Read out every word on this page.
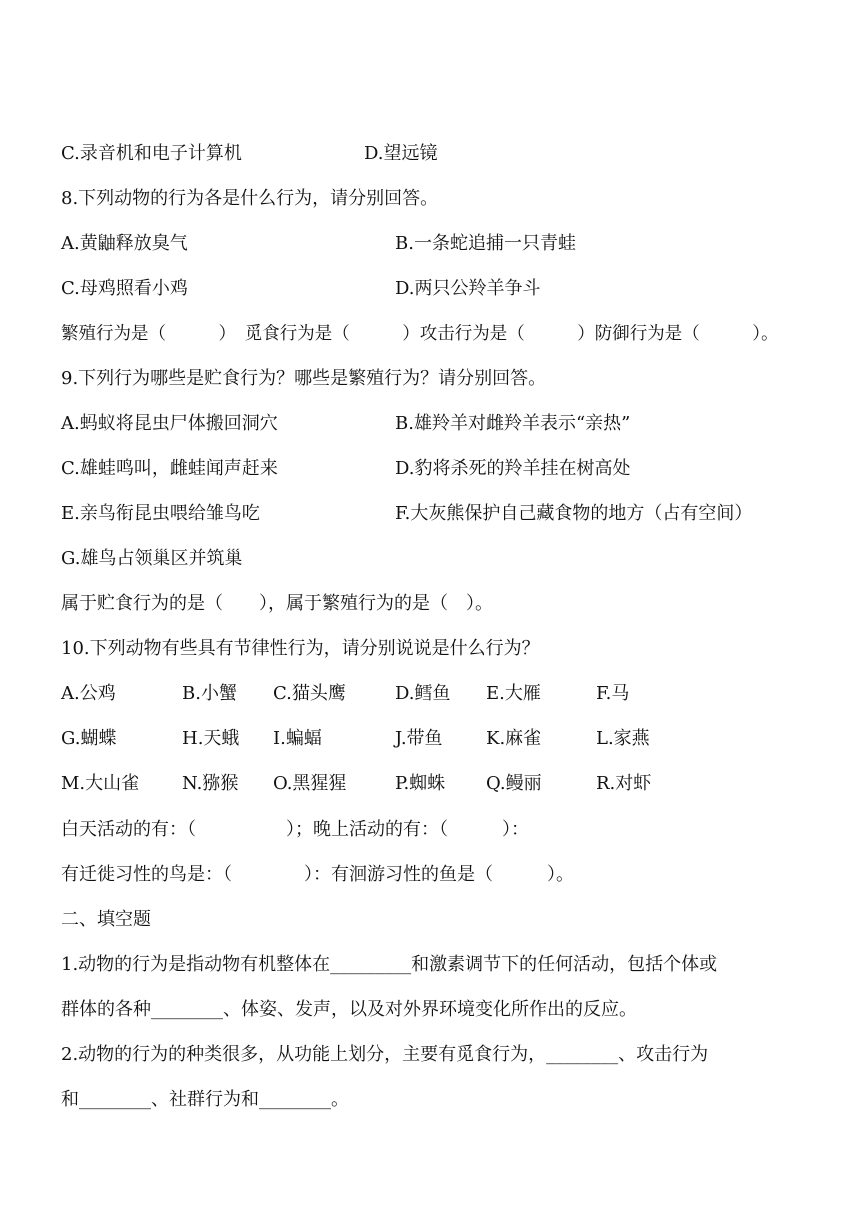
C.录音机和电子计算机	D.望远镜
8.下列动物的行为各是什么行为，请分别回答。
A.黄鼬释放臭气	B.一条蛇追捕一只青蛙
C.母鸡照看小鸡	D.两只公羚羊争斗
繁殖行为是（　　　）　觅食行为是（　　　）攻击行为是（　　　）防御行为是（　　　）。
9.下列行为哪些是贮食行为？哪些是繁殖行为？请分别回答。
A.蚂蚁将昆虫尸体搬回洞穴	B.雄羚羊对雌羚羊表示“亲热”
C.雄蛙鸣叫，雌蛙闻声赶来	D.豹将杀死的羚羊挂在树高处
E.亲鸟衔昆虫喂给雏鸟吃	F.大灰熊保护自己藏食物的地方（占有空间）
G.雄鸟占领巢区并筑巢
属于贮食行为的是（　　），属于繁殖行为的是（　）。
10.下列动物有些具有节律性行为，请分别说说是什么行为？
A.公鸡	B.小蟹 C.猫头鹰	D.鳕鱼 E.大雁	F.马
G.蝴蝶	H.天蛾 I.蝙蝠	J.带鱼 K.麻雀	L.家燕
M.大山雀 N.猕猴 O.黑猩猩	P.蜘蛛 Q.鳗丽	R.对虾
白天活动的有：（　　　　　）；晚上活动的有：（　　　）：
有迁徙习性的鸟是：（　　　　）：有洄游习性的鱼是（　　　）。
二、填空题
1.动物的行为是指动物有机整体在_________和激素调节下的任何活动，包括个体或
群体的各种________、体姿、发声，以及对外界环境变化所作出的反应。
2.动物的行为的种类很多，从功能上划分，主要有觅食行为，________、攻击行为
和________、社群行为和________。
